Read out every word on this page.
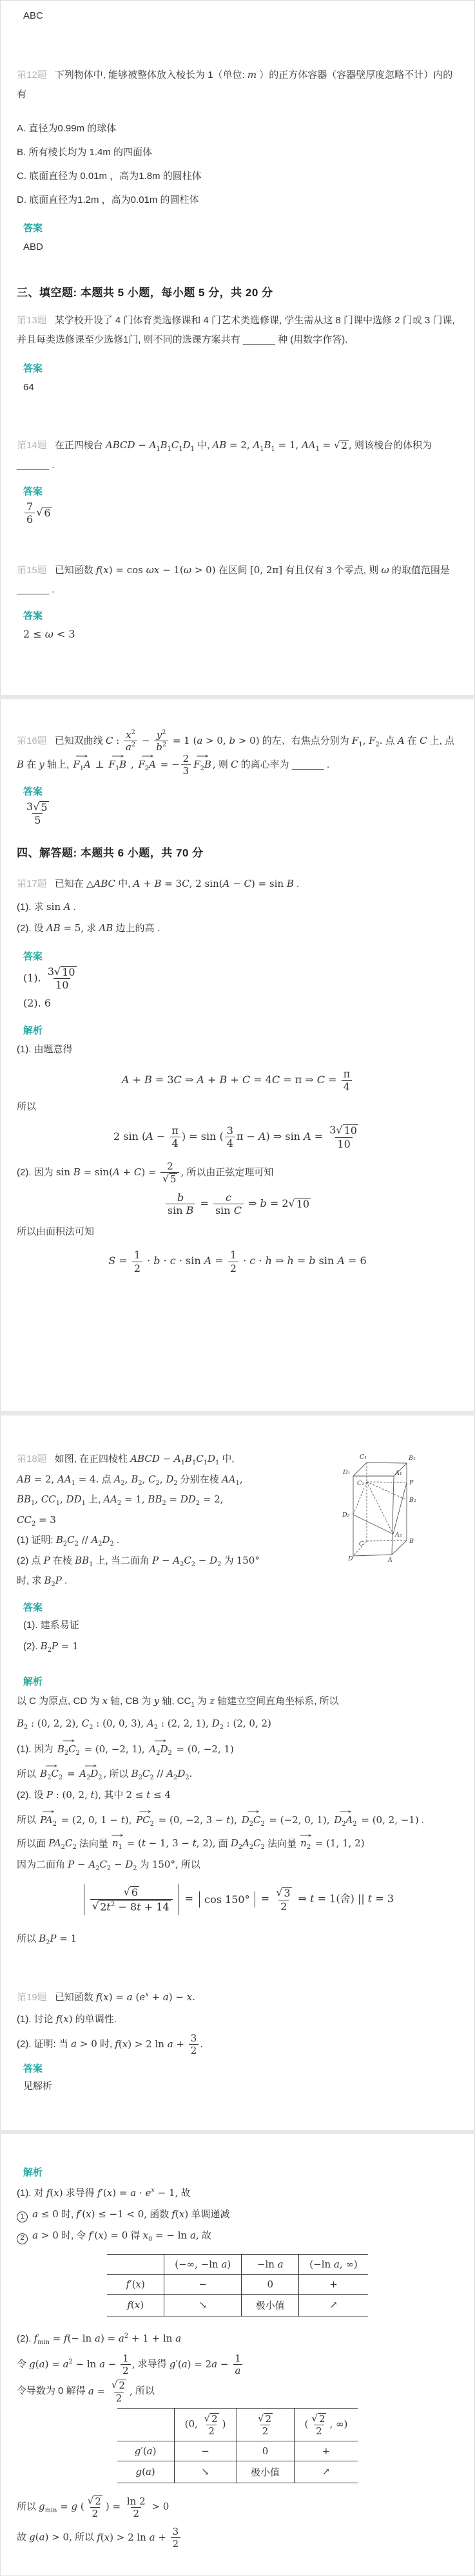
ABC
第12题 下列物体中, 能够被整体放入棱长为 1（单位: m ）的正方体容器（容器壁厚度忽略不计）内的有
A. 直径为0.99m 的球体
B. 所有棱长均为 1.4m 的四面体
C. 底面直径为 0.01m ，高为1.8m 的圆柱体
D. 底面直径为1.2m ，高为0.01m 的圆柱体
答案
ABD
三、填空题: 本题共 5 小题，每小题 5 分，共 20 分
第13题 某学校开设了 4 门体育类选修课和 4 门艺术类选修课, 学生需从这 8 门课中选修 2 门或 3 门课, 并且每类选修课至少选修1门, 则不同的选课方案共有 ______ 种 (用数字作答).
答案
64
第14题 在正四棱台 ABCD − $A_1B_1C_1D_1$ 中, AB = 2, $A_1B_1 = 1$, $AA_1$ = √ 2 , 则该棱台的体积为 ______ .
答案
$\frac{7}{6}$ √ 6
第15题 已知函数 f(x) = cos ωx − 1(ω > 0) 在区间 [0, 2π] 有且仅有 3 个零点, 则 ω 的取值范围是 ______ .
答案
2 ≤ ω < 3
第16题 已知双曲线 C : $\frac{x^2}{a^2} - \frac{y^2}{b^2} = 1$ (a > 0, b > 0) 的左、右焦点分别为 $F_1$, $F_2$. 点 A 在 C 上, 点 B 在 y 轴上,
→
$F_1A$ ⊥
→
$F_1B$ ,
→
$F_2A$ = − $\frac{2}{3}$ →
$F_2B$ , 则 C 的离心率为 ______ .
答案
$\frac{3 √ 5}{5}$
四、解答题: 本题共 6 小题，共 70 分
第17题 已知在 △ABC 中, A + B = 3C, 2 sin(A − C) = sin B .
(1). 求 sin A .
(2). 设 AB = 5, 求 AB 边上的高 .
答案
(1). $\frac{3 √ 10}{10}$
(2). 6
解析
(1). 由题意得
A + B = 3C ⇒ A + B + C = 4C = π ⇒ $C = \frac{\pi}{4}$
所以
2 $\sin (A - \frac{\pi}{4}$ ) = sin ( $\frac{3}{4}$ π − A) ⇒ $\sin A = \frac{3 √ 10}{10}$
(2). 因为 $\sin B = \sin(A + C) = \frac{2}{√ 5}$ , 所以由正弦定理可知
$\frac{b}{\text{sin B}} = \frac{c}{\text{sin C}}$ ⇒ b = 2 √ 10
所以由面积法可知
$S = \frac{1}{2} \cdot b \cdot c \cdot \sin A = \frac{1}{2} \cdot c \cdot h$ ⇒ h = b sin A = 6
第18题 如图, 在正四棱柱 ABCD − $A_1B_1C_1D_1$ 中,
AB = 2, $AA_1 = 4$. 点 $A_2$, $B_2$, $C_2$, $D_2$ 分别在棱 $AA_1$,
$BB_1$, $CC_1$, $DD_1$ 上, $AA_2 = 1$, $BB_2 = DD_2 = 2$,
$CC_2 = 3$
(1) 证明: $B_2C_2 // A_2D_2$ .
(2) 点 P 在棱 $BB_1$ 上, 当二面角 $P - A_2C_2 - D_2$ 为 150°
时, 求 $B_2P$ .
C₁	B₁
D₁	A₁
C₂	P
B₂
D₂
A₂
C	B
D	A
答案
(1). 建系易证
(2). $B_2P = 1$
解析
以 C 为原点, CD 为 x 轴, CB 为 y 轴, $CC_1$ 为 z 轴建立空间直角坐标系, 所以
$B_2$ : (0, 2, 2), $C_2$ : (0, 0, 3), $A_2$ : (2, 2, 1), $D_2$ : (2, 0, 2)
(1). 因为
→
$B_2C_2 = (0$, −2, 1),
→
$A_2D_2 = (0$, −2, 1)
所以
→
$B_2C_2$ =
→
$A_2D_2$ , 所以 $B_2C_2 // A_2D_2$.
(2). 设 P : (0, 2, t), 其中 2 ≤ t ≤ 4
所以
→
$PA_2 = (2$, 0, 1 − t),
→
$PC_2 = (0$, −2, 3 − t),
→
$D_2C_2 = (-2$, 0, 1),
→
$D_2A_2 = (0$, 2, −1) .
所以面 $PA_2C_2$ 法向量
→
$n_1 = (t - 1$, 3 − t, 2), 面 $D_2A_2C_2$ 法向量
→
$n_2 = (1$, 1, 2)
因为二面角 $P - A_2C_2 - D_2$ 为 150°, 所以
√ 6
√ $2t^2 - 8t + 14$
= $\cos 150^\circ = \frac{√ 3}{2}$ ⇒ t = 1(舍) || t = 3
所以 $B_2P = 1$
第19题 已知函数 f(x) = a $(e^x + a) - x$.
(1). 讨论 f(x) 的单调性.
(2). 证明: 当 a > 0 时, f(x) > 2 $\ln a + \frac{3}{2}$ .
答案
见解析
解析
(1). 对 f(x) 求导得 $f'(x) = a \cdot e^x - 1$, 故
1 a ≤ 0 时, f′(x) ≤ −1 < 0, 函数 f(x) 单调递减
2 a > 0 时, 令 f′(x) = 0 得 $x_0$ = − ln a, 故
	(−∞, −ln a)	−ln a	(−ln a, ∞)
f′(x)	−	0	+
f(x)	↘	极小值	↗
(2). $f_{min} = f(- \ln a) = a^2 + 1 + \ln a$
令 $g(a) = a^2 - \ln a - \frac{1}{2}$ , 求导得 $g'(a) = 2a - \frac{1}{a}$
令导数为 0 解得 $a = \frac{√ 2}{2}$ , 所以
	(0, $\frac{√ 2}{2}$ )	$\frac{√ 2}{2}$	( $\frac{√ 2}{2}$ , ∞)
g′(a)	−	0	+
g(a)	↘	极小值	↗
所以 $g_{min} = g$ ( $\frac{√ 2}{2}$ ) = $\frac{\ln 2}{2} > 0$
故 g(a) > 0, 所以 f(x) > 2 $\ln a + \frac{3}{2}$
